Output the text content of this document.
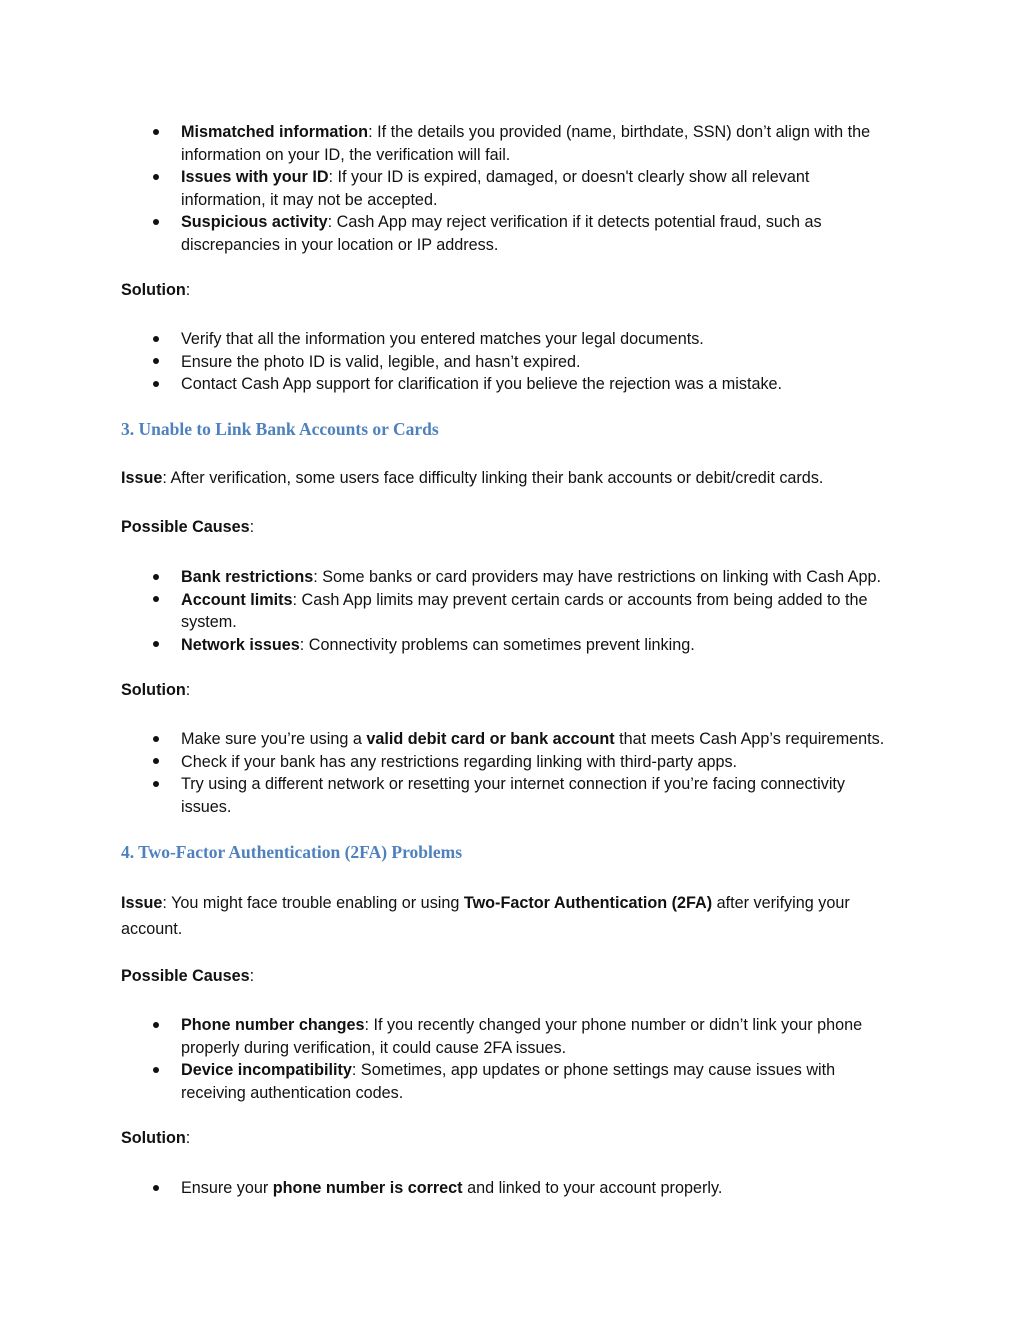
Mismatched information: If the details you provided (name, birthdate, SSN) don’t align with the
information on your ID, the verification will fail.
Issues with your ID: If your ID is expired, damaged, or doesn't clearly show all relevant
information, it may not be accepted.
Suspicious activity: Cash App may reject verification if it detects potential fraud, such as
discrepancies in your location or IP address.
Solution:
Verify that all the information you entered matches your legal documents.
Ensure the photo ID is valid, legible, and hasn’t expired.
Contact Cash App support for clarification if you believe the rejection was a mistake.
3. Unable to Link Bank Accounts or Cards
Issue: After verification, some users face difficulty linking their bank accounts or debit/credit cards.
Possible Causes:
Bank restrictions: Some banks or card providers may have restrictions on linking with Cash App.
Account limits: Cash App limits may prevent certain cards or accounts from being added to the
system.
Network issues: Connectivity problems can sometimes prevent linking.
Solution:
Make sure you’re using a valid debit card or bank account that meets Cash App’s requirements.
Check if your bank has any restrictions regarding linking with third-party apps.
Try using a different network or resetting your internet connection if you’re facing connectivity
issues.
4. Two-Factor Authentication (2FA) Problems
Issue: You might face trouble enabling or using Two-Factor Authentication (2FA) after verifying your
account.
Possible Causes:
Phone number changes: If you recently changed your phone number or didn’t link your phone
properly during verification, it could cause 2FA issues.
Device incompatibility: Sometimes, app updates or phone settings may cause issues with
receiving authentication codes.
Solution:
Ensure your phone number is correct and linked to your account properly.
